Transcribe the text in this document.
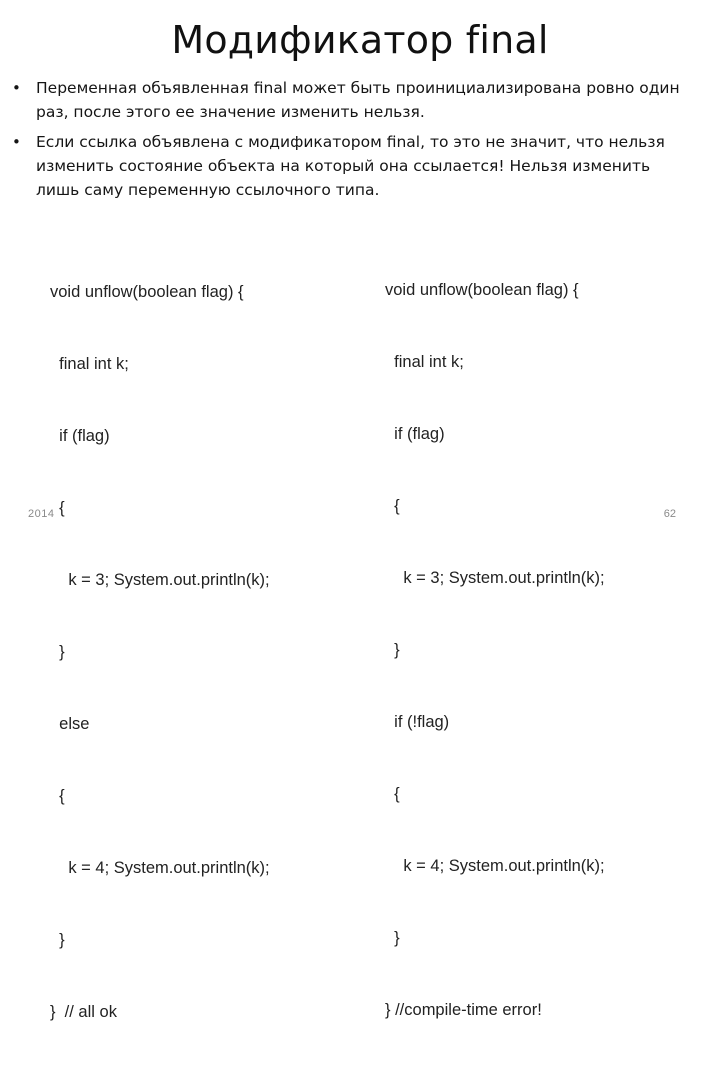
Модификатор final
• Переменная объявленная final может быть проинициализирована ровно один раз, после этого ее значение изменить нельзя.
• Если ссылка объявлена с модификатором final, то это не значит, что нельзя изменить состояние объекта на который она ссылается! Нельзя изменить лишь саму переменную ссылочного типа.

void unflow(boolean flag) {

final int k;

if (flag)

{

k = 3; System.out.println(k);

}

else

{

k = 4; System.out.println(k);

}

}  // all ok

void unflow(boolean flag) {

final int k;

if (flag)

{

k = 3; System.out.println(k);

}

if (!flag)

{

k = 4; System.out.println(k);

}

} //compile-time error!

2014	62
